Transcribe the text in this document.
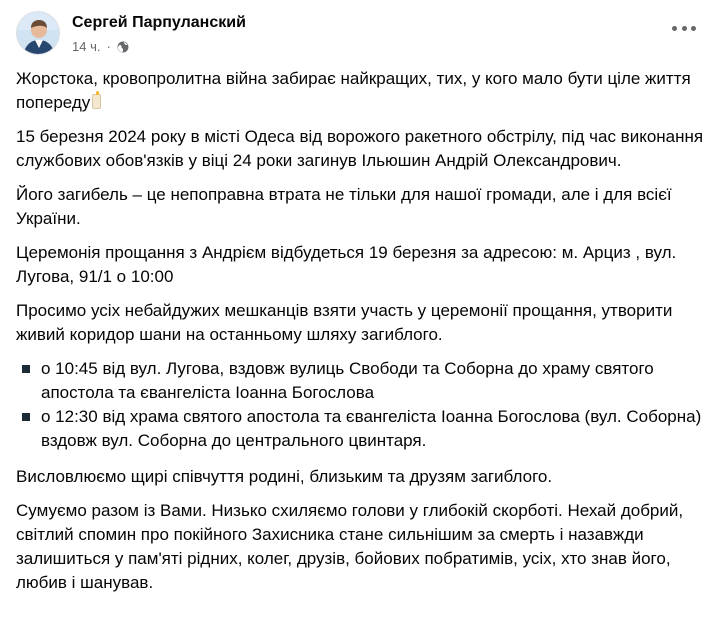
Сергей Парпуланский
14 ч. ·
Жорстока, кровопролитна війна забирає найкращих, тих, у кого мало бути ціле життя попереду
15 березня 2024 року в місті Одеса від ворожого ракетного обстрілу, під час виконання службових обов'язків у віці 24 роки загинув Ільюшин Андрій Олександрович.
Його загибель – це непоправна втрата не тільки для нашої громади, але і для всієї України.
Церемонія прощання з Андрієм відбудеться 19 березня за адресою: м. Арциз , вул. Лугова, 91/1 о 10:00
Просимо усіх небайдужих мешканців взяти участь у церемонії прощання, утворити живий коридор шани на останньому шляху загиблого.
о 10:45 від вул. Лугова, вздовж вулиць Свободи та Соборна до храму святого апостола та євангеліста Іоанна Богослова
о 12:30 від храма святого апостола та євангеліста Іоанна Богослова (вул. Соборна) вздовж вул. Соборна до центрального цвинтаря.
Висловлюємо щирі співчуття родині, близьким та друзям загиблого.
Сумуємо разом із Вами. Низько схиляємо голови у глибокій скорботі. Нехай добрий, світлий спомин про покійного Захисника стане сильнішим за смерть і назавжди залишиться у пам'яті рідних, колег, друзів, бойових побратимів, усіх, хто знав його, любив і шанував.
